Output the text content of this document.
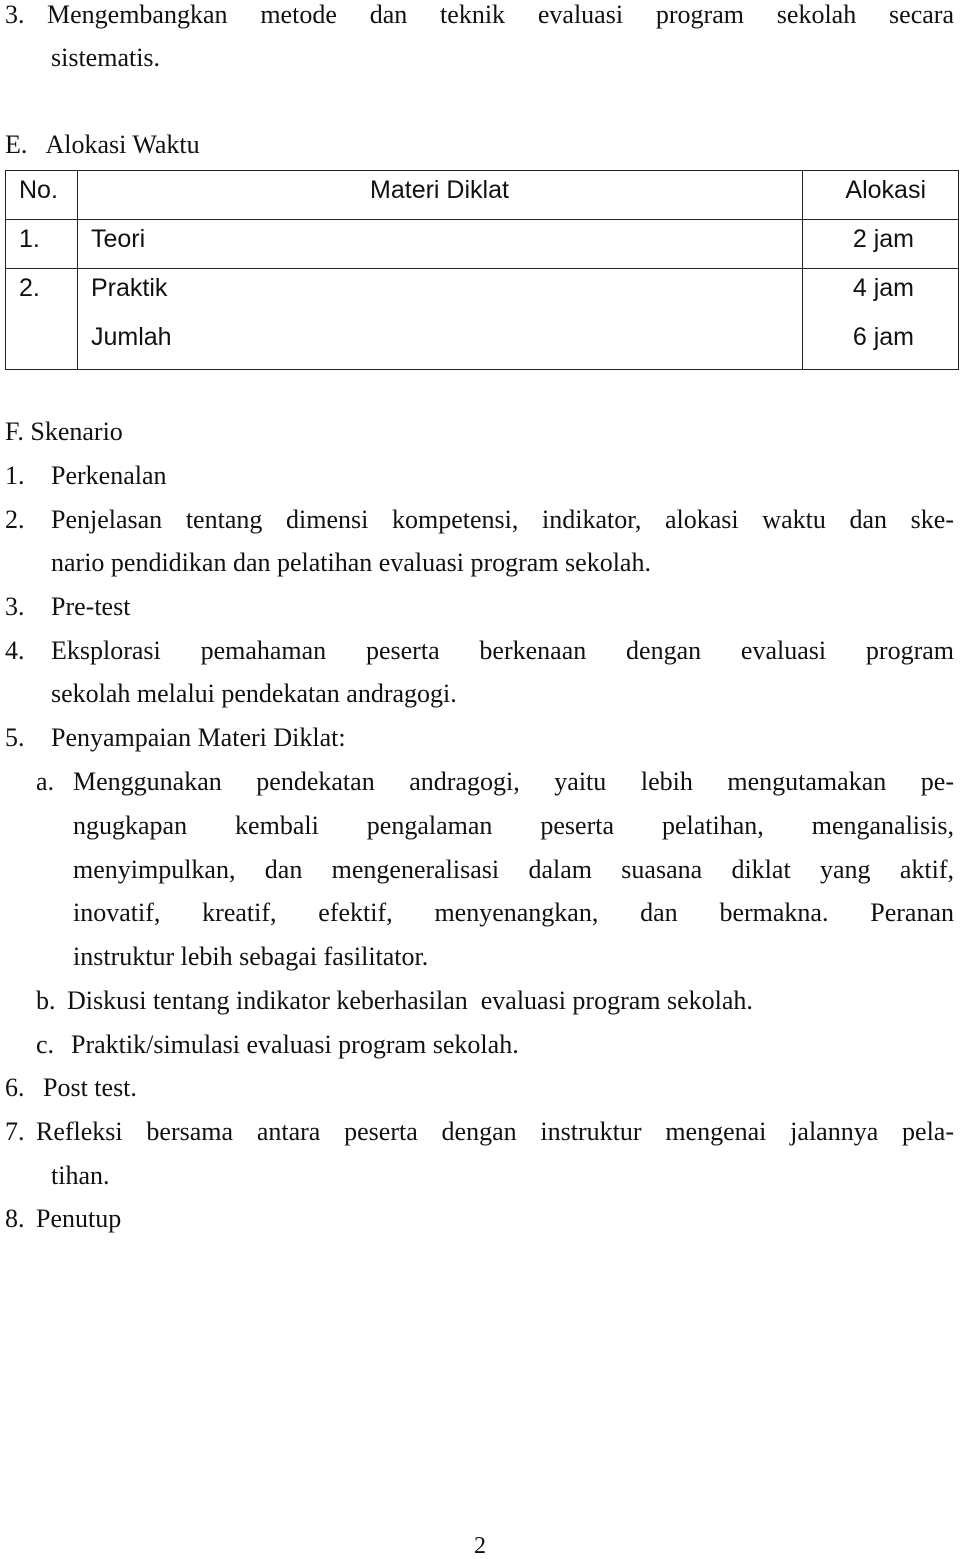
3. Mengembangkan metode dan teknik evaluasi program sekolah secara
sistematis.
E.   Alokasi Waktu
No.	Materi Diklat	Alokasi
1. Teori	2 jam
2. Praktik	4 jam
Jumlah	6 jam
F. Skenario
1. Perkenalan
2. Penjelasan tentang dimensi kompetensi, indikator, alokasi waktu dan ske-
nario pendidikan dan pelatihan evaluasi program sekolah.
3. Pre-test
4. Eksplorasi pemahaman peserta berkenaan dengan evaluasi program
sekolah melalui pendekatan andragogi.
5. Penyampaian Materi Diklat:
a. Menggunakan pendekatan andragogi, yaitu lebih mengutamakan pe-
ngugkapan kembali pengalaman peserta pelatihan, menganalisis,
menyimpulkan, dan mengeneralisasi dalam suasana diklat yang aktif,
inovatif, kreatif, efektif, menyenangkan, dan bermakna. Peranan
instruktur lebih sebagai fasilitator.
b. Diskusi tentang indikator keberhasilan  evaluasi program sekolah.
c. Praktik/simulasi evaluasi program sekolah.
6. Post test.
7. Refleksi bersama antara peserta dengan instruktur mengenai jalannya pela-
tihan.
8. Penutup
2
